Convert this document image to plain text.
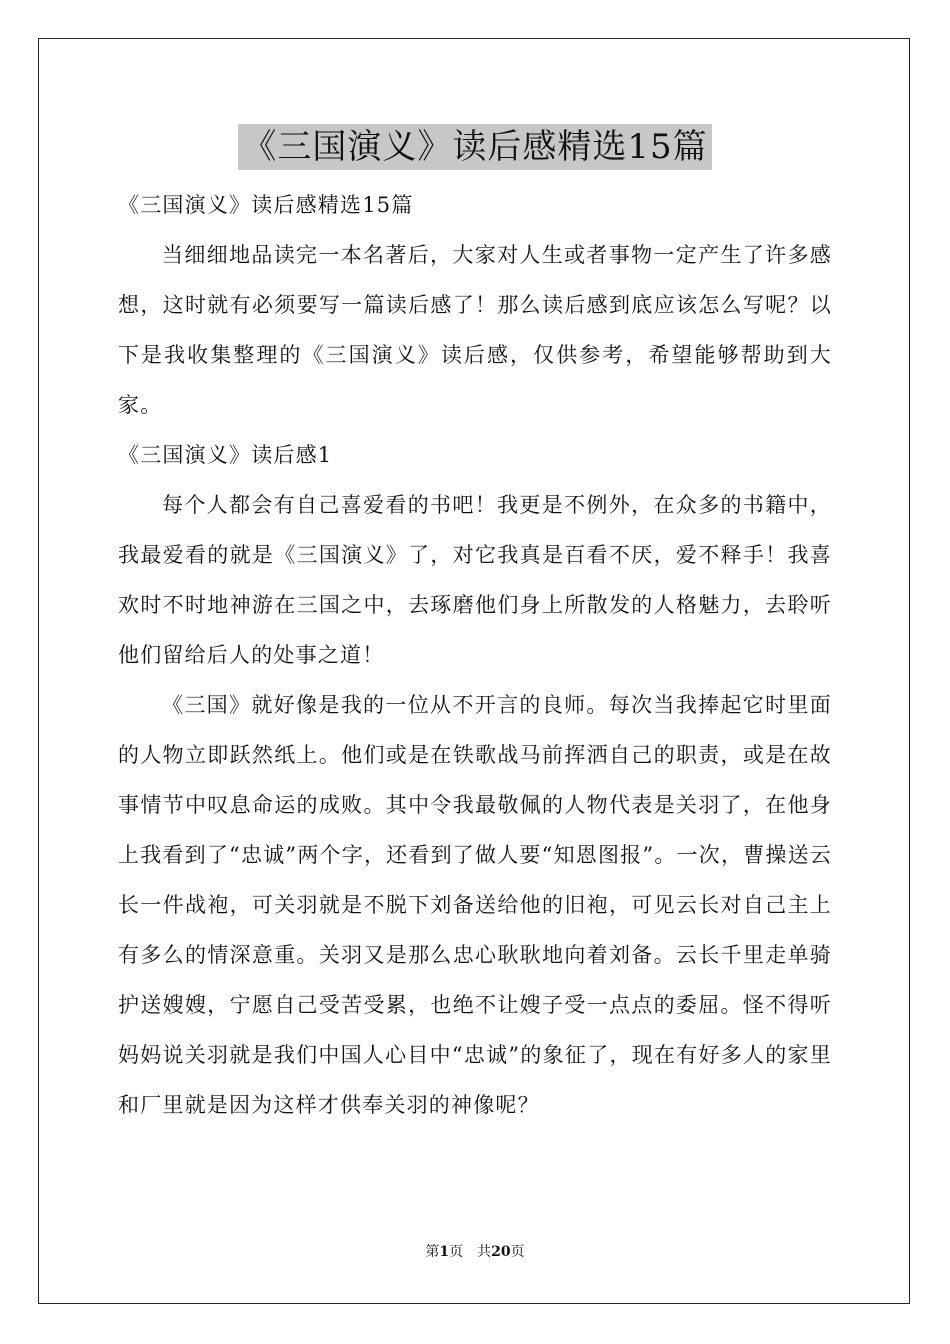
《三国演义》读后感精选15篇

《三国演义》读后感精选15篇

当细细地品读完一本名著后，大家对人生或者事物一定产生了许多感想，这时就有必须要写一篇读后感了！那么读后感到底应该怎么写呢？以下是我收集整理的《三国演义》读后感，仅供参考，希望能够帮助到大家。

《三国演义》读后感1

每个人都会有自己喜爱看的书吧！我更是不例外，在众多的书籍中，我最爱看的就是《三国演义》了，对它我真是百看不厌，爱不释手！我喜欢时不时地神游在三国之中，去琢磨他们身上所散发的人格魅力，去聆听他们留给后人的处事之道！

《三国》就好像是我的一位从不开言的良师。每次当我捧起它时里面的人物立即跃然纸上。他们或是在铁歌战马前挥洒自己的职责，或是在故事情节中叹息命运的成败。其中令我最敬佩的人物代表是关羽了，在他身上我看到了“忠诚”两个字，还看到了做人要“知恩图报”。一次，曹操送云长一件战袍，可关羽就是不脱下刘备送给他的旧袍，可见云长对自己主上有多么的情深意重。关羽又是那么忠心耿耿地向着刘备。云长千里走单骑护送嫂嫂，宁愿自己受苦受累，也绝不让嫂子受一点点的委屈。怪不得听妈妈说关羽就是我们中国人心目中“忠诚”的象征了，现在有好多人的家里和厂里就是因为这样才供奉关羽的神像呢？

第1页　共20页
